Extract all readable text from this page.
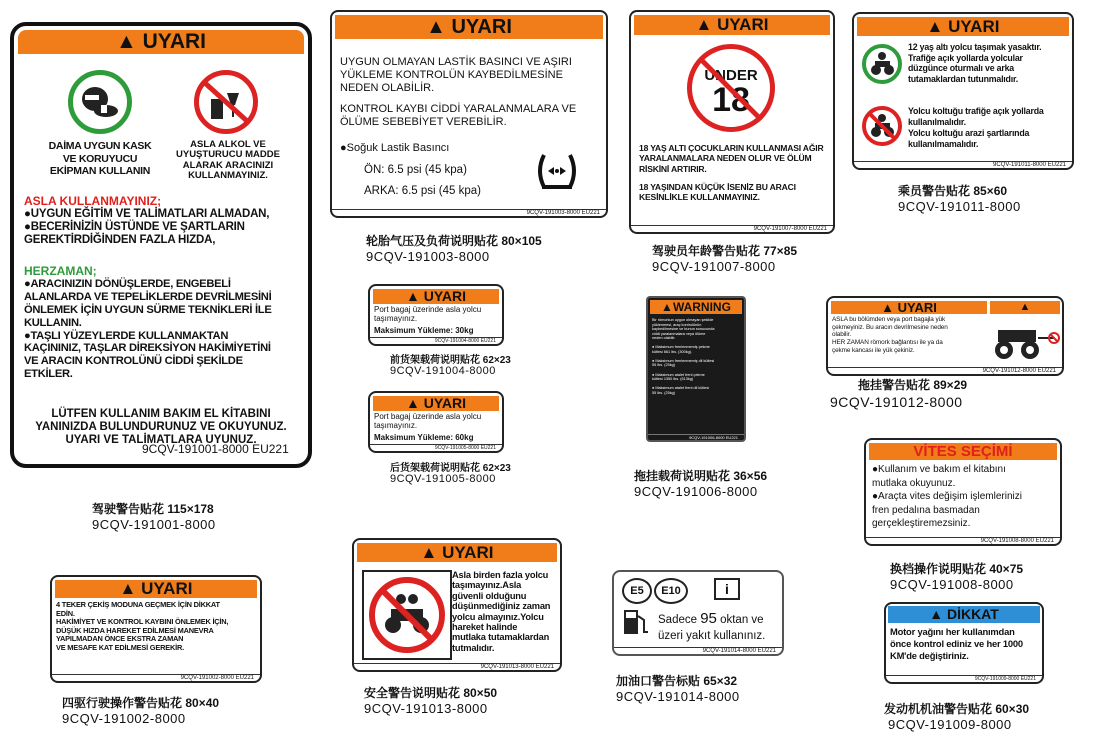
▲ UYARI
DAİMA UYGUN KASK
VE KORUYUCU
EKİPMAN KULLANIN
ASLA ALKOL VE
UYUŞTURUCU MADDE
ALARAK ARACINIZI
KULLANMAYINIZ.
ASLA KULLANMAYINIZ;
●UYGUN EĞİTİM VE TALİMATLARI ALMADAN,
●BECERİNİZİN ÜSTÜNDE VE ŞARTLARIN
GEREKTİRDİĞİNDEN FAZLA HIZDA,
HERZAMAN;
●ARACINIZIN DÖNÜŞLERDE, ENGEBELİ
ALANLARDA VE TEPELİKLERDE DEVRİLMESİNİ
ÖNLEMEK İÇİN UYGUN SÜRME TEKNİKLERİ İLE
KULLANIN.
●TAŞLI YÜZEYLERDE KULLANMAKTAN
KAÇININIZ, TAŞLAR DİREKSİYON HAKİMİYETİNİ
VE ARACIN KONTROLÜNÜ CİDDİ ŞEKİLDE
ETKİLER.
LÜTFEN KULLANIM BAKIM EL KİTABINI
YANINIZDA BULUNDURUNUZ VE OKUYUNUZ.
UYARI VE TALİMATLARA UYUNUZ.
9CQV-191001-8000 EU221
驾驶警告贴花 115×178
9CQV-191001-8000
▲ UYARI
4 TEKER ÇEKİŞ MODUNA GEÇMEK İÇİN DİKKAT
EDİN.
HAKİMİYET VE KONTROL KAYBINI ÖNLEMEK İÇİN,
DÜŞÜK HIZDA HAREKET EDİLMESİ MANEVRA
YAPILMADAN ÖNCE EKSTRA ZAMAN
VE MESAFE KAT EDİLMESİ GEREKİR.
9CQV-191002-8000 EU221
四驱行驶操作警告贴花 80×40
9CQV-191002-8000
▲ UYARI
UYGUN OLMAYAN LASTİK BASINCI VE AŞIRI
YÜKLEME KONTROLÜN KAYBEDİLMESİNE
NEDEN OLABİLİR.
KONTROL KAYBI CİDDİ YARALANMALARA VE
ÖLÜME SEBEBİYET VEREBİLİR.
●Soğuk Lastik Basıncı
ÖN: 6.5 psi (45 kpa)
ARKA: 6.5 psi (45 kpa)
9CQV-191003-8000 EU221
轮胎气压及负荷说明贴花 80×105
9CQV-191003-8000
▲ UYARI
Port bagaj üzerinde asla yolcu
taşımayınız.
Maksimum Yükleme: 30kg
9CQV-191004-8000 EU221
前货架载荷说明贴花 62×23
9CQV-191004-8000
▲ UYARI
Port bagaj üzerinde asla yolcu
taşımayınız.
Maksimum Yükleme: 60kg
9CQV-191005-8000 EU221
后货架载荷说明贴花 62×23
9CQV-191005-8000
▲ UYARI
UNDER
18
18 YAŞ ALTI ÇOCUKLARIN KULLANMASI AĞIR
YARALANMALARA NEDEN OLUR VE ÖLÜM
RİSKİNİ ARTIRIR.
18 YAŞINDAN KÜÇÜK İSENİZ BU ARACI
KESİNLİKLE KULLANMAYINIZ.
9CQV-191007-8000 EU221
驾驶员年龄警告贴花 77×85
9CQV-191007-8000
▲WARNING
Bir römorkun uygun olmayan şekilde
yüklenmesi, araç kontrolünün
kaybedilmesine ve bunun sonucunda
ciddi yaralanmalara veya ölüme
neden olabilir.

● Maksimum frenlenmemiş çekme
kütlesi 661 lbs. (300kg).

● Maksimum frenlenmemiş dil kütlesi
55 lbs. (25kg)

● Maksimum atalet freni çekme
kütlesi 1350 lbs. (613kg)

● Maksimum atalet freni dil kütlesi
55 lbs. (25kg)
9CQV-191006-8000 EU221
拖挂载荷说明贴花 36×56
9CQV-191006-8000
▲ UYARI
Asla birden fazla yolcu
taşımayınız.Asla
güvenli olduğunu
düşünmediğiniz zaman
yolcu almayınız.Yolcu
hareket halinde
mutlaka tutamaklardan
tutmalıdır.
9CQV-191013-8000 EU221
安全警告说明贴花 80×50
9CQV-191013-8000
E5	E10	i
Sadece 95 oktan ve
üzeri yakıt kullanınız.
9CQV-191014-8000 EU221
加油口警告标贴 65×32
9CQV-191014-8000
▲ UYARI
12 yaş altı yolcu taşımak yasaktır.
Trafiğe açık yollarda yolcular
düzgünce oturmalı ve arka
tutamaklardan tutunmalıdır.
Yolcu koltuğu trafiğe açık yollarda
kullanılmalıdır.
Yolcu koltuğu arazi şartlarında
kullanılmamalıdır.
9CQV-191011-8000 EU221
乘员警告贴花 85×60
9CQV-191011-8000
▲ UYARI	▲
ASLA bu bölümden veya port bagajla yük
çekmeyiniz. Bu aracın devrilmesine neden
olabilir.
HER ZAMAN römork bağlantısı ile ya da
çekme kancası ile yük çekiniz.
9CQV-191012-8000 EU221
拖挂警告贴花 89×29
9CQV-191012-8000
VİTES SEÇİMİ
●Kullanım ve bakım el kitabını
mutlaka okuyunuz.
●Araçta vites değişim işlemlerinizi
fren pedalına basmadan
gerçekleştiremezsiniz.
9CQV-191008-8000 EU221
换档操作说明贴花 40×75
9CQV-191008-8000
▲ DİKKAT
Motor yağını her kullanımdan
önce kontrol ediniz ve her 1000
KM'de değiştiriniz.
9CQV-191009-8000 EU221
发动机机油警告贴花 60×30
9CQV-191009-8000
